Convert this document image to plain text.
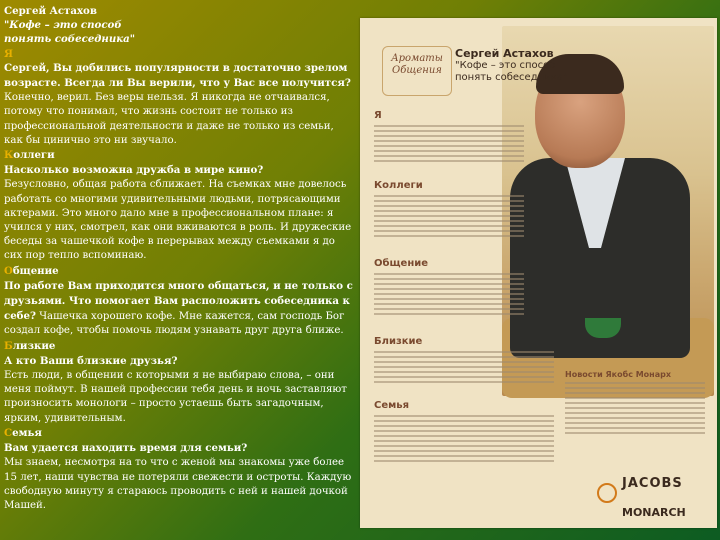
Сергей Астахов
"Кофе – это способ
понять собеседника"
Я

Сергей, Вы добились популярности в достаточно зрелом возрасте. Всегда ли Вы верили, что у Вас все получится?

Конечно, верил. Без веры нельзя. Я никогда не отчаивался, потому что понимал, что жизнь состоит не только из профессиональной деятельности и даже не только из семьи, как бы цинично это ни звучало.

Коллеги

Насколько возможна дружба в мире кино?

Безусловно, общая работа сближает. На съемках мне довелось работать со многими удивительными людьми, потрясающими актерами. Это много дало мне в профессиональном плане: я учился у них, смотрел, как они вживаются в роль. И дружеские беседы за чашечкой кофе в перерывах между съемками я до сих пор тепло вспоминаю.

Общение

По работе Вам приходится много общаться, и не только с друзьями. Что помогает Вам расположить собеседника к себе? Чашечка хорошего кофе. Мне кажется, сам господь Бог создал кофе, чтобы помочь людям узнавать друг друга ближе.

Близкие

А кто Ваши близкие друзья?

Есть люди, в общении с которыми я не выбираю слова, – они меня поймут. В нашей профессии тебя день и ночь заставляют произносить монологи – просто устаешь быть загадочным, ярким, удивительным.

Семья

Вам удается находить время для семьи?

Мы знаем, несмотря на то что с женой мы знакомы уже более 15 лет, наши чувства не потеряли свежести и остроты. Каждую свободную минуту я стараюсь проводить с ней и нашей дочкой Машей.

Ароматы Общения
Сергей Астахов
"Кофе – это способ понять собеседника"
Я
Коллеги
Общение
Близкие
Семья
Новости Якобс Монарх
JACOBS
MONARCH
